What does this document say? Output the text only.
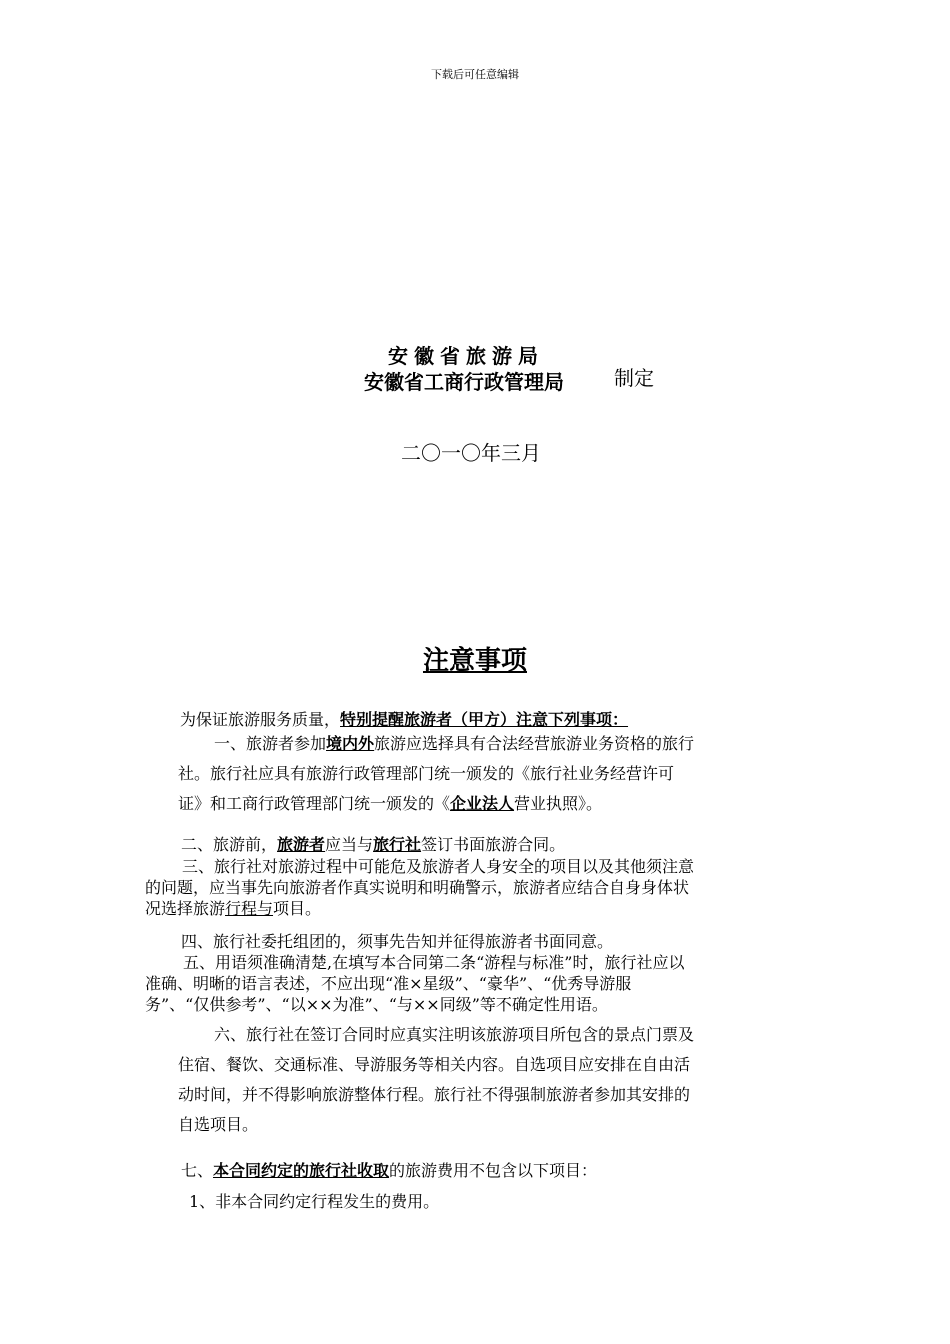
下载后可任意编辑
安徽省旅游局
安徽省工商行政管理局	制定
二〇一〇年三月
注意事项
为保证旅游服务质量，特别提醒旅游者（甲方）注意下列事项：
一、旅游者参加境内外旅游应选择具有合法经营旅游业务资格的旅行
社。旅行社应具有旅游行政管理部门统一颁发的《旅行社业务经营许可
证》和工商行政管理部门统一颁发的《企业法人营业执照》。
二、旅游前，旅游者应当与旅行社签订书面旅游合同。
三、旅行社对旅游过程中可能危及旅游者人身安全的项目以及其他须注意
的问题，应当事先向旅游者作真实说明和明确警示，旅游者应结合自身身体状
况选择旅游行程与项目。
四、旅行社委托组团的，须事先告知并征得旅游者书面同意。
五、用语须准确清楚,在填写本合同第二条“游程与标准”时，旅行社应以
准确、明晰的语言表述，不应出现“准×星级”、“豪华”、“优秀导游服
务”、“仅供参考”、“以××为准”、“与××同级”等不确定性用语。
六、旅行社在签订合同时应真实注明该旅游项目所包含的景点门票及
住宿、餐饮、交通标准、导游服务等相关内容。自选项目应安排在自由活
动时间，并不得影响旅游整体行程。旅行社不得强制旅游者参加其安排的
自选项目。
七、本合同约定的旅行社收取的旅游费用不包含以下项目：
1、非本合同约定行程发生的费用。
